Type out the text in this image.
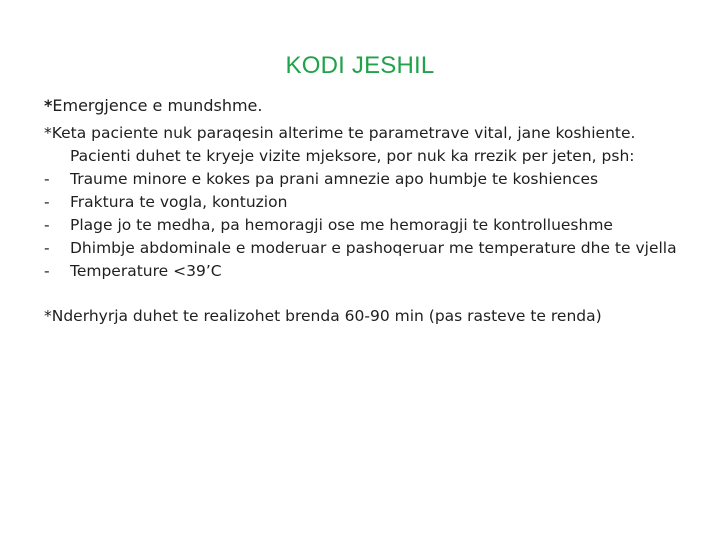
KODI JESHIL
*Emergjence e mundshme.
*Keta paciente nuk paraqesin alterime te parametrave vital, jane koshiente.
Pacienti duhet te kryeje vizite mjeksore, por nuk ka rrezik per jeten, psh:
- Traume minore e kokes pa prani amnezie apo humbje te koshiences
- Fraktura te vogla, kontuzion
- Plage jo te medha, pa hemoragji ose me hemoragji te kontrollueshme
- Dhimbje abdominale e moderuar e pashoqeruar me temperature dhe te vjella
- Temperature <39’C
*Nderhyrja duhet te realizohet brenda 60-90 min (pas rasteve te renda)
